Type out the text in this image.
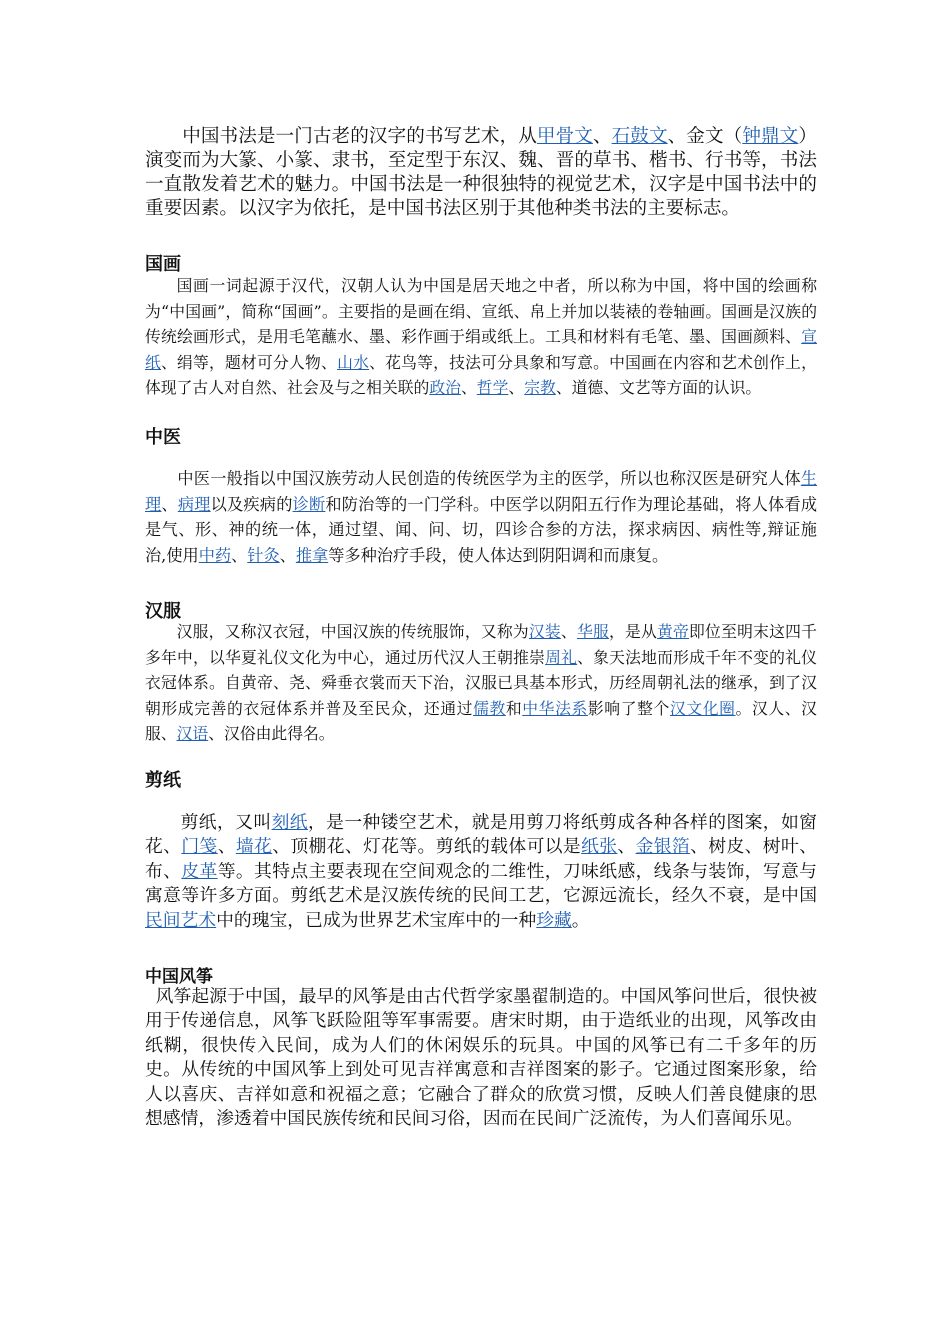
中国书法是一门古老的汉字的书写艺术，从甲骨文、石鼓文、金文（钟鼎文）演变而为大篆、小篆、隶书，至定型于东汉、魏、晋的草书、楷书、行书等，书法一直散发着艺术的魅力。中国书法是一种很独特的视觉艺术，汉字是中国书法中的重要因素。以汉字为依托，是中国书法区别于其他种类书法的主要标志。

国画

国画一词起源于汉代，汉朝人认为中国是居天地之中者，所以称为中国，将中国的绘画称为“中国画”，简称“国画”。主要指的是画在绢、宣纸、帛上并加以装裱的卷轴画。国画是汉族的传统绘画形式，是用毛笔蘸水、墨、彩作画于绢或纸上。工具和材料有毛笔、墨、国画颜料、宣纸、绢等，题材可分人物、山水、花鸟等，技法可分具象和写意。中国画在内容和艺术创作上，体现了古人对自然、社会及与之相关联的政治、哲学、宗教、道德、文艺等方面的认识。

中医

中医一般指以中国汉族劳动人民创造的传统医学为主的医学，所以也称汉医是研究人体生理、病理以及疾病的诊断和防治等的一门学科。中医学以阴阳五行作为理论基础，将人体看成是气、形、神的统一体，通过望、闻、问、切，四诊合参的方法，探求病因、病性等,辩证施治,使用中药、针灸、推拿等多种治疗手段，使人体达到阴阳调和而康复。

汉服

汉服，又称汉衣冠，中国汉族的传统服饰，又称为汉装、华服，是从黄帝即位至明末这四千多年中，以华夏礼仪文化为中心，通过历代汉人王朝推崇周礼、象天法地而形成千年不变的礼仪衣冠体系。自黄帝、尧、舜垂衣裳而天下治，汉服已具基本形式，历经周朝礼法的继承，到了汉朝形成完善的衣冠体系并普及至民众，还通过儒教和中华法系影响了整个汉文化圈。汉人、汉服、汉语、汉俗由此得名。

剪纸

剪纸，又叫刻纸，是一种镂空艺术，就是用剪刀将纸剪成各种各样的图案，如窗花、门笺、墙花、顶棚花、灯花等。剪纸的载体可以是纸张、金银箔、树皮、树叶、布、皮革等。其特点主要表现在空间观念的二维性，刀味纸感，线条与装饰，写意与寓意等许多方面。剪纸艺术是汉族传统的民间工艺，它源远流长，经久不衰，是中国民间艺术中的瑰宝，已成为世界艺术宝库中的一种珍藏。

中国风筝

风筝起源于中国，最早的风筝是由古代哲学家墨翟制造的。中国风筝问世后，很快被用于传递信息，风筝飞跃险阻等军事需要。唐宋时期，由于造纸业的出现，风筝改由纸糊，很快传入民间，成为人们的休闲娱乐的玩具。中国的风筝已有二千多年的历史。从传统的中国风筝上到处可见吉祥寓意和吉祥图案的影子。它通过图案形象，给人以喜庆、吉祥如意和祝福之意；它融合了群众的欣赏习惯，反映人们善良健康的思想感情，渗透着中国民族传统和民间习俗，因而在民间广泛流传，为人们喜闻乐见。
